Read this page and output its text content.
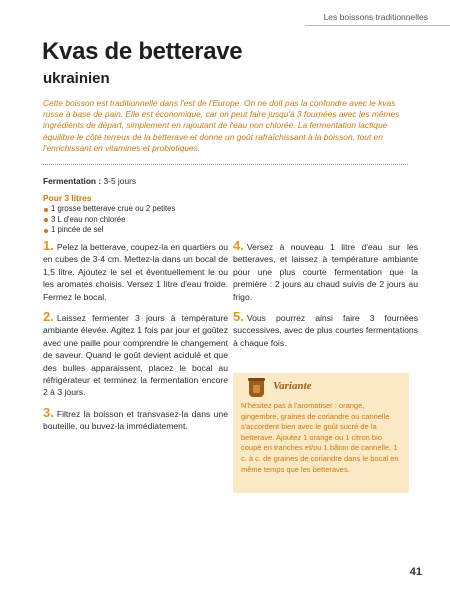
Les boissons traditionnelles
Kvas de betterave
ukrainien

Cette boisson est traditionnelle dans l'est de l'Europe. On ne doit pas la confondre avec le kvas russe à base de pain. Elle est économique, car on peut faire jusqu'à 3 fournées avec les mêmes ingrédients de départ, simplement en rajoutant de l'eau non chlorée. La fermentation lactique équilibre le côté terreux de la betterave et donne un goût rafraîchissant à la boisson, tout en l'enrichissant en vitamines et probiotiques.

Fermentation : 3-5 jours
Pour 3 litres
1 grosse betterave crue ou 2 petites
3 L d'eau non chlorée
1 pincée de sel

1. Pelez la betterave, coupez-la en quartiers ou en cubes de 3-4 cm. Mettez-la dans un bocal de 1,5 litre. Ajoutez le sel et éventuellement le ou les aromates choisis. Versez 1 litre d'eau froide. Fermez le bocal.

2. Laissez fermenter 3 jours à température ambiante élevée. Agitez 1 fois par jour et goûtez avec une paille pour comprendre le changement de saveur. Quand le goût devient acidulé et que des bulles apparaissent, placez le bocal au réfrigérateur et terminez la fermentation encore 2 à 3 jours.

3. Filtrez la boisson et transvasez-la dans une bouteille, ou buvez-la immédiatement.

4. Versez à nouveau 1 litre d'eau sur les betteraves, et laissez à température ambiante pour une plus courte fermentation que la première : 2 jours au chaud suivis de 2 jours au frigo.

5. Vous pourrez ainsi faire 3 fournées successives, avec de plus courtes fermentations à chaque fois.

Variante

N'hésitez pas à l'aromatiser : orange, gingembre, graines de coriandre ou cannelle s'accordent bien avec le goût sucré de la betterave. Ajoutez 1 orange ou 1 citron bio coupé en tranches et/ou 1 bâton de cannelle, 1 c. à c. de graines de coriandre dans le bocal en même temps que les betteraves.

41
